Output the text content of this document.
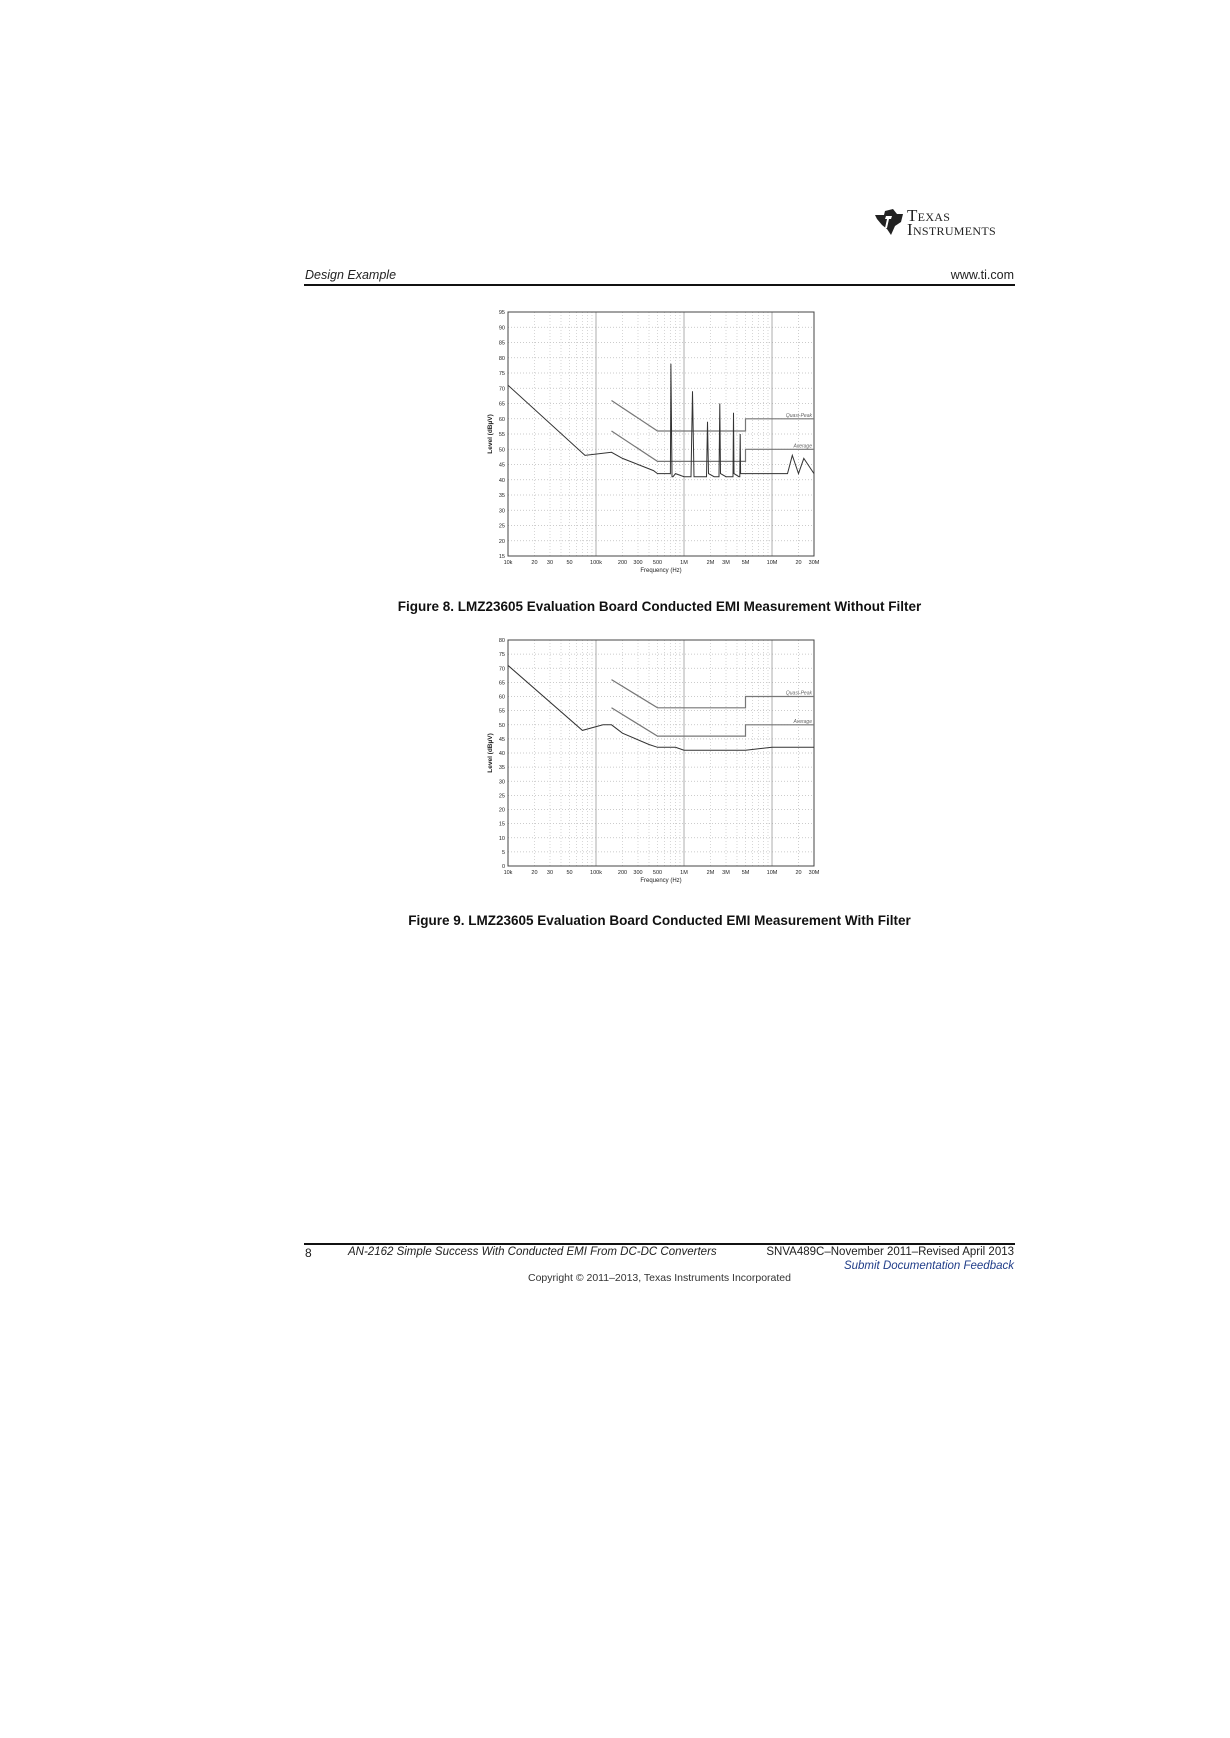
Texas
Instruments
Design Example	www.ti.com
15
20
25
30
35
40
45
50
55
60
65
70
75
80
85
90
95
10k	20 30 50	100k	200 300 500	1M	2M 3M 5M	10M	20 30M
Frequency (Hz)
Level (dBµV)	Quasi-Peak
Average
Figure 8. LMZ23605 Evaluation Board Conducted EMI Measurement Without Filter
0
5
10
15
20
25
30
35
40
45
50
55
60
65
70
75
80
10k	20 30 50	100k	200 300 500	1M	2M 3M 5M	10M	20 30M
Frequency (Hz)
Level (dBµV)
Quasi-Peak
Average
Figure 9. LMZ23605 Evaluation Board Conducted EMI Measurement With Filter
8	AN-2162 Simple Success With Conducted EMI From DC-DC Converters	SNVA489C–November 2011–Revised April 2013
Submit Documentation Feedback
Copyright © 2011–2013, Texas Instruments Incorporated
